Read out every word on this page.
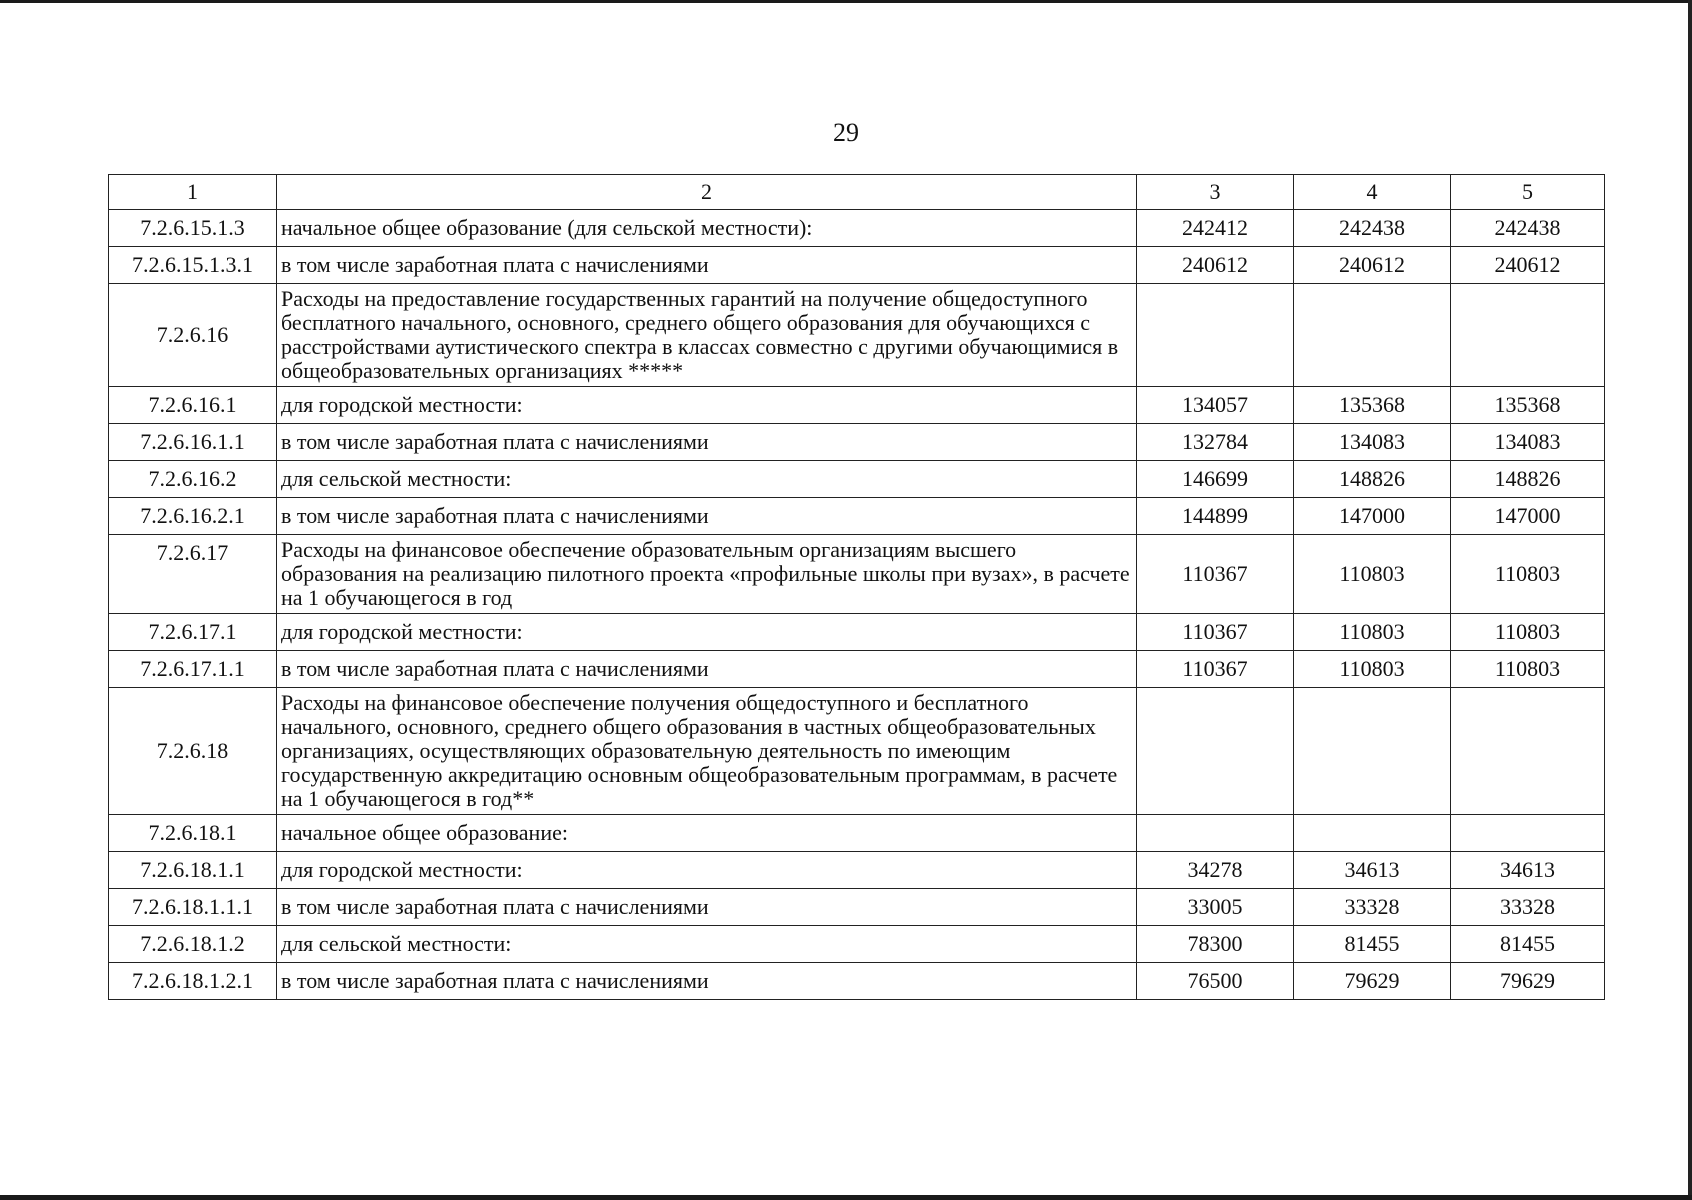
29
1	2	3	4	5
7.2.6.15.1.3	начальное общее образование (для сельской местности):	242412	242438	242438
7.2.6.15.1.3.1	в том числе заработная плата с начислениями	240612	240612	240612
7.2.6.16	Расходы на предоставление государственных гарантий на получение общедоступного бесплатного начального, основного, среднего общего образования для обучающихся с расстройствами аутистического спектра в классах совместно с другими обучающимися в общеобразовательных организациях *****			
7.2.6.16.1	для городской местности:	134057	135368	135368
7.2.6.16.1.1	в том числе заработная плата с начислениями	132784	134083	134083
7.2.6.16.2	для сельской местности:	146699	148826	148826
7.2.6.16.2.1	в том числе заработная плата с начислениями	144899	147000	147000
7.2.6.17	Расходы на финансовое обеспечение образовательным организациям высшего образования на реализацию пилотного проекта «профильные школы при вузах», в расчете на 1 обучающегося в год	110367	110803	110803
7.2.6.17.1	для городской местности:	110367	110803	110803
7.2.6.17.1.1	в том числе заработная плата с начислениями	110367	110803	110803
7.2.6.18	Расходы на финансовое обеспечение получения общедоступного и бесплатного начального, основного, среднего общего образования в частных общеобразовательных организациях, осуществляющих образовательную деятельность по имеющим государственную аккредитацию основным общеобразовательным программам, в расчете на 1 обучающегося в год**			
7.2.6.18.1	начальное общее образование:			
7.2.6.18.1.1	для городской местности:	34278	34613	34613
7.2.6.18.1.1.1	в том числе заработная плата с начислениями	33005	33328	33328
7.2.6.18.1.2	для сельской местности:	78300	81455	81455
7.2.6.18.1.2.1	в том числе заработная плата с начислениями	76500	79629	79629
